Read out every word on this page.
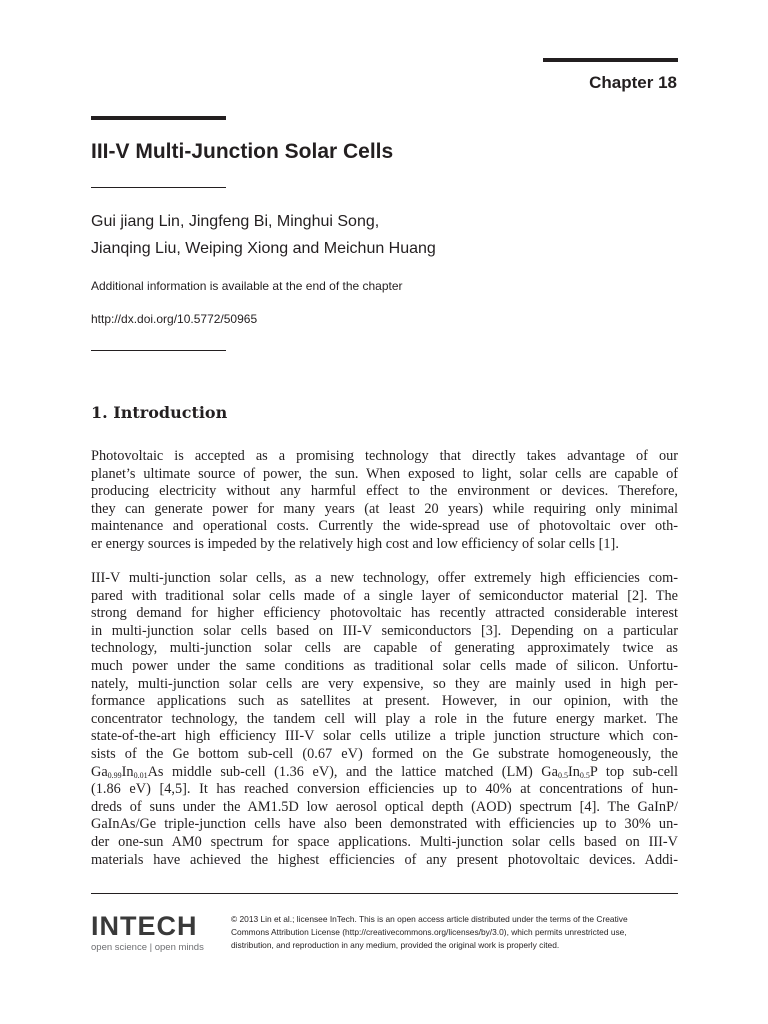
Chapter 18
III-V Multi-Junction Solar Cells
Gui jiang Lin, Jingfeng Bi, Minghui Song,
Jianqing Liu, Weiping Xiong and Meichun Huang
Additional information is available at the end of the chapter
http://dx.doi.org/10.5772/50965
1. Introduction
Photovoltaic is accepted as a promising technology that directly takes advantage of our
planet’s ultimate source of power, the sun. When exposed to light, solar cells are capable of
producing electricity without any harmful effect to the environment or devices. Therefore,
they can generate power for many years (at least 20 years) while requiring only minimal
maintenance and operational costs. Currently the wide-spread use of photovoltaic over oth-
er energy sources is impeded by the relatively high cost and low efficiency of solar cells [1].
III-V multi-junction solar cells, as a new technology, offer extremely high efficiencies com-
pared with traditional solar cells made of a single layer of semiconductor material [2]. The
strong demand for higher efficiency photovoltaic has recently attracted considerable interest
in multi-junction solar cells based on III-V semiconductors [3]. Depending on a particular
technology, multi-junction solar cells are capable of generating approximately twice as
much power under the same conditions as traditional solar cells made of silicon. Unfortu-
nately, multi-junction solar cells are very expensive, so they are mainly used in high per-
formance applications such as satellites at present. However, in our opinion, with the
concentrator technology, the tandem cell will play a role in the future energy market. The
state-of-the-art high efficiency III-V solar cells utilize a triple junction structure which con-
sists of the Ge bottom sub-cell (0.67 eV) formed on the Ge substrate homogeneously, the
$Ga_{0.99}In_{0.01}As$ middle sub-cell (1.36 eV), and the lattice matched (LM) $Ga_{0.5}In_{0.5}P$ top sub-cell
(1.86 eV) [4,5]. It has reached conversion efficiencies up to 40% at concentrations of hun-
dreds of suns under the AM1.5D low aerosol optical depth (AOD) spectrum [4]. The GaInP/
GaInAs/Ge triple-junction cells have also been demonstrated with efficiencies up to 30% un-
der one-sun AM0 spectrum for space applications. Multi-junction solar cells based on III-V
materials have achieved the highest efficiencies of any present photovoltaic devices. Addi-
INTECH
open science | open minds
© 2013 Lin et al.; licensee InTech. This is an open access article distributed under the terms of the Creative
Commons Attribution License (http://creativecommons.org/licenses/by/3.0), which permits unrestricted use,
distribution, and reproduction in any medium, provided the original work is properly cited.
